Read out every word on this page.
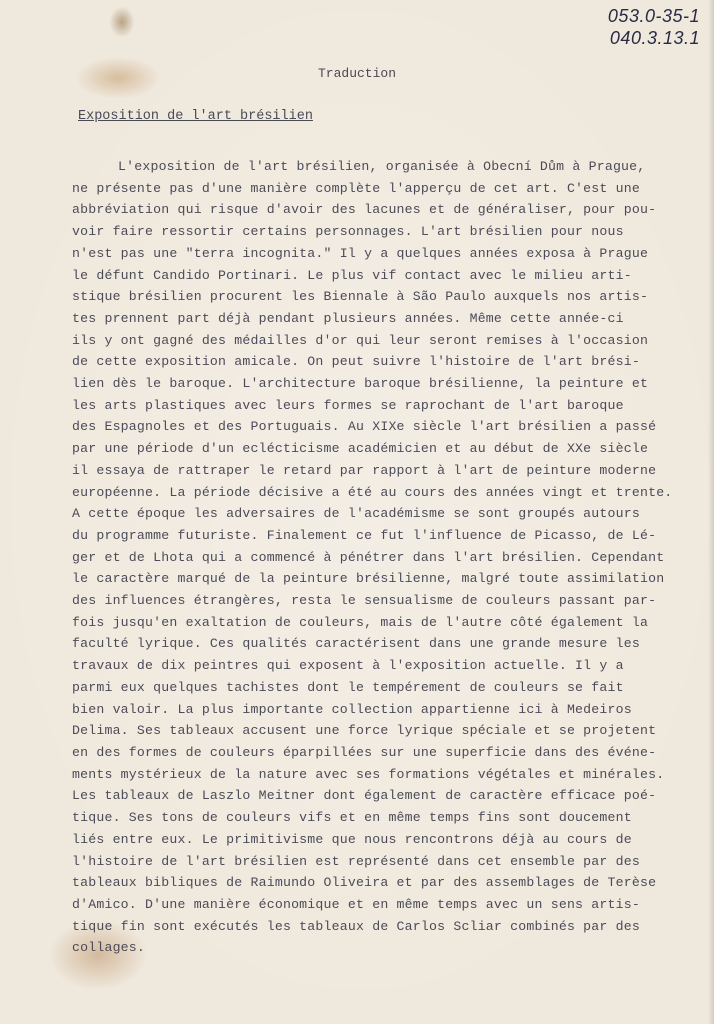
053.0-35-1
040.3.13.1
Traduction
Exposition de l'art brésilien
L'exposition de l'art brésilien, organisée à Obecní Dům à Prague,
ne présente pas d'une manière complète l'apperçu de cet art. C'est une
abbréviation qui risque d'avoir des lacunes et de généraliser, pour pou-
voir faire ressortir certains personnages. L'art brésilien pour nous
n'est pas une "terra incognita." Il y a quelques années exposa à Prague
le défunt Candido Portinari. Le plus vif contact avec le milieu arti-
stique brésilien procurent les Biennale à São Paulo auxquels nos artis-
tes prennent part déjà pendant plusieurs années. Même cette année-ci
ils y ont gagné des médailles d'or qui leur seront remises à l'occasion
de cette exposition amicale. On peut suivre l'histoire de l'art brési-
lien dès le baroque. L'architecture baroque brésilienne, la peinture et
les arts plastiques avec leurs formes se raprochant de l'art baroque
des Espagnoles et des Portuguais. Au XIXe siècle l'art brésilien a passé
par une période d'un eclécticisme académicien et au début de XXe siècle
il essaya de rattraper le retard par rapport à l'art de peinture moderne
européenne. La période décisive a été au cours des années vingt et trente.
A cette époque les adversaires de l'académisme se sont groupés autours
du programme futuriste. Finalement ce fut l'influence de Picasso, de Lé-
ger et de Lhota qui a commencé à pénétrer dans l'art brésilien. Cependant
le caractère marqué de la peinture brésilienne, malgré toute assimilation
des influences étrangères, resta le sensualisme de couleurs passant par-
fois jusqu'en exaltation de couleurs, mais de l'autre côté également la
faculté lyrique. Ces qualités caractérisent dans une grande mesure les
travaux de dix peintres qui exposent à l'exposition actuelle. Il y a
parmi eux quelques tachistes dont le tempérement de couleurs se fait
bien valoir. La plus importante collection appartienne ici à Medeiros
Delima. Ses tableaux accusent une force lyrique spéciale et se projetent
en des formes de couleurs éparpillées sur une superficie dans des événe-
ments mystérieux de la nature avec ses formations végétales et minérales.
Les tableaux de Laszlo Meitner dont également de caractère efficace poé-
tique. Ses tons de couleurs vifs et en même temps fins sont doucement
liés entre eux. Le primitivisme que nous rencontrons déjà au cours de
l'histoire de l'art brésilien est représenté dans cet ensemble par des
tableaux bibliques de Raimundo Oliveira et par des assemblages de Terèse
d'Amico. D'une manière économique et en même temps avec un sens artis-
tique fin sont exécutés les tableaux de Carlos Scliar combinés par des
collages.
